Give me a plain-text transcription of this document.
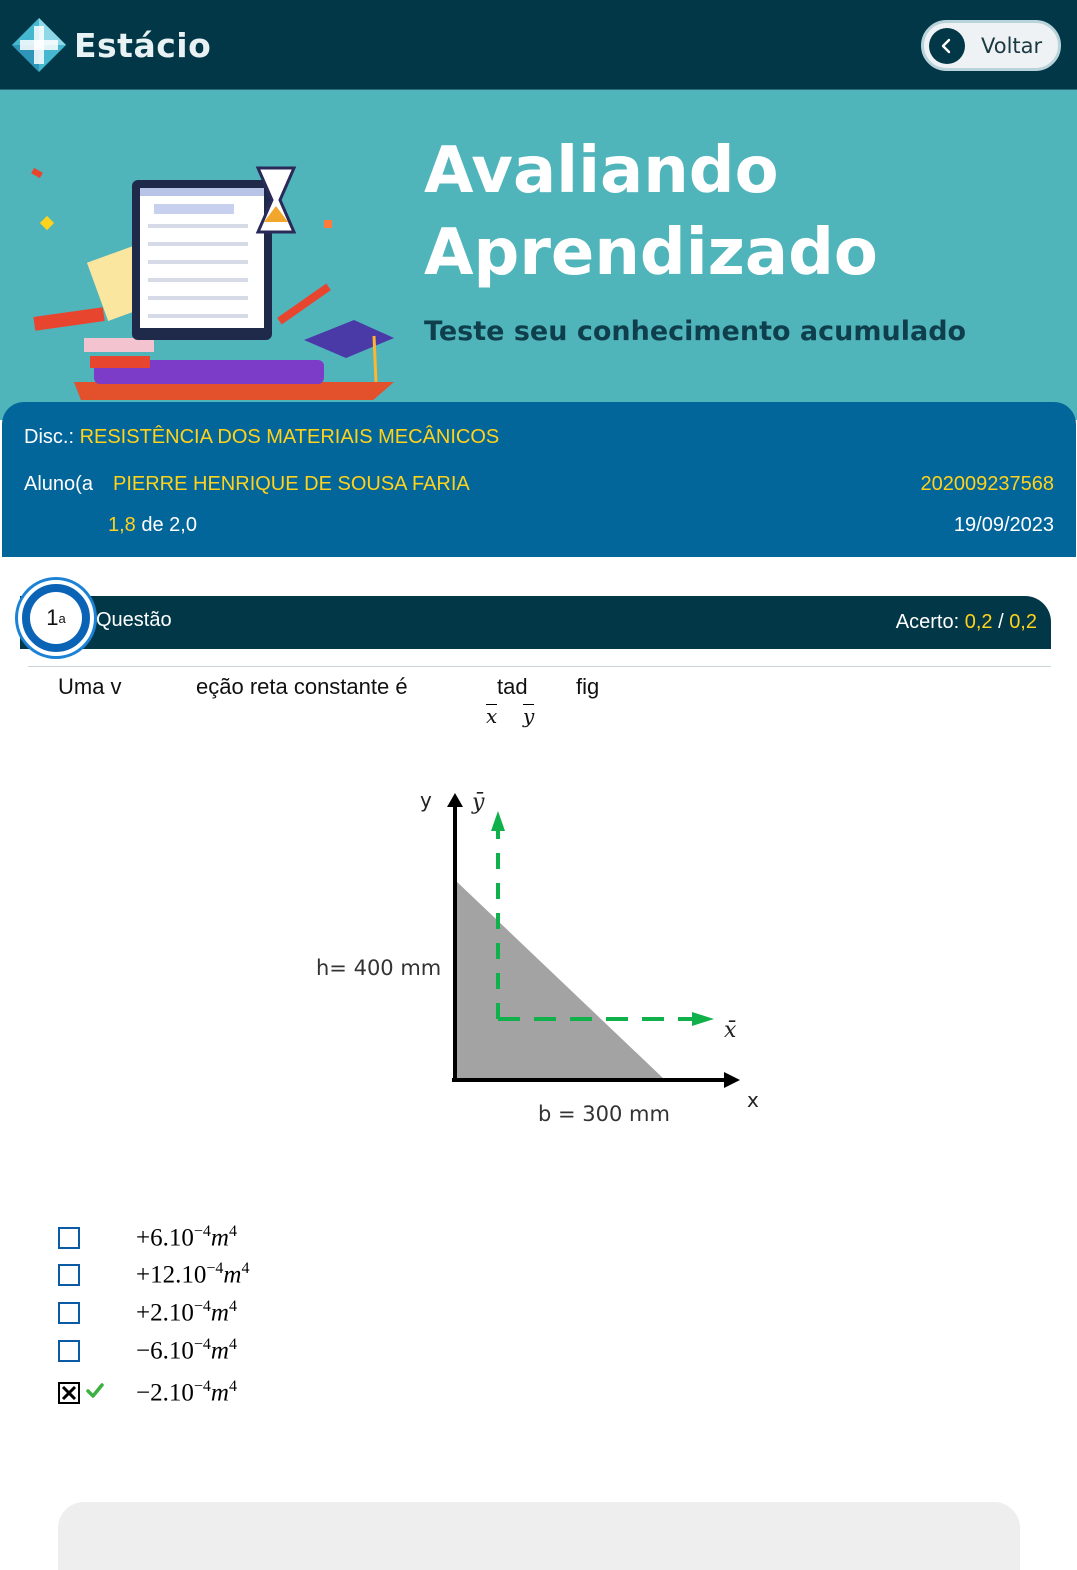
Estácio	Voltar
Avaliando
Aprendizado
Teste seu conhecimento acumulado
Disc.: RESISTÊNCIA DOS MATERIAIS MECÂNICOS
Aluno(a PIERRE HENRIQUE DE SOUSA FARIA	202009237568
1,8 de 2,0	19/09/2023
1 a Questão	Acerto: 0,2 / 0,2
Uma v	eção reta constante é	tad fig
x y
y
x
ȳ
x̄
h= 400 mm
b = 300 mm
$+6.10^{-4}m^4$
$+12.10^{-4}m^4$
$+2.10^{-4}m^4$
$-6.10^{-4}m^4$
$-2.10^{-4}m^4$
